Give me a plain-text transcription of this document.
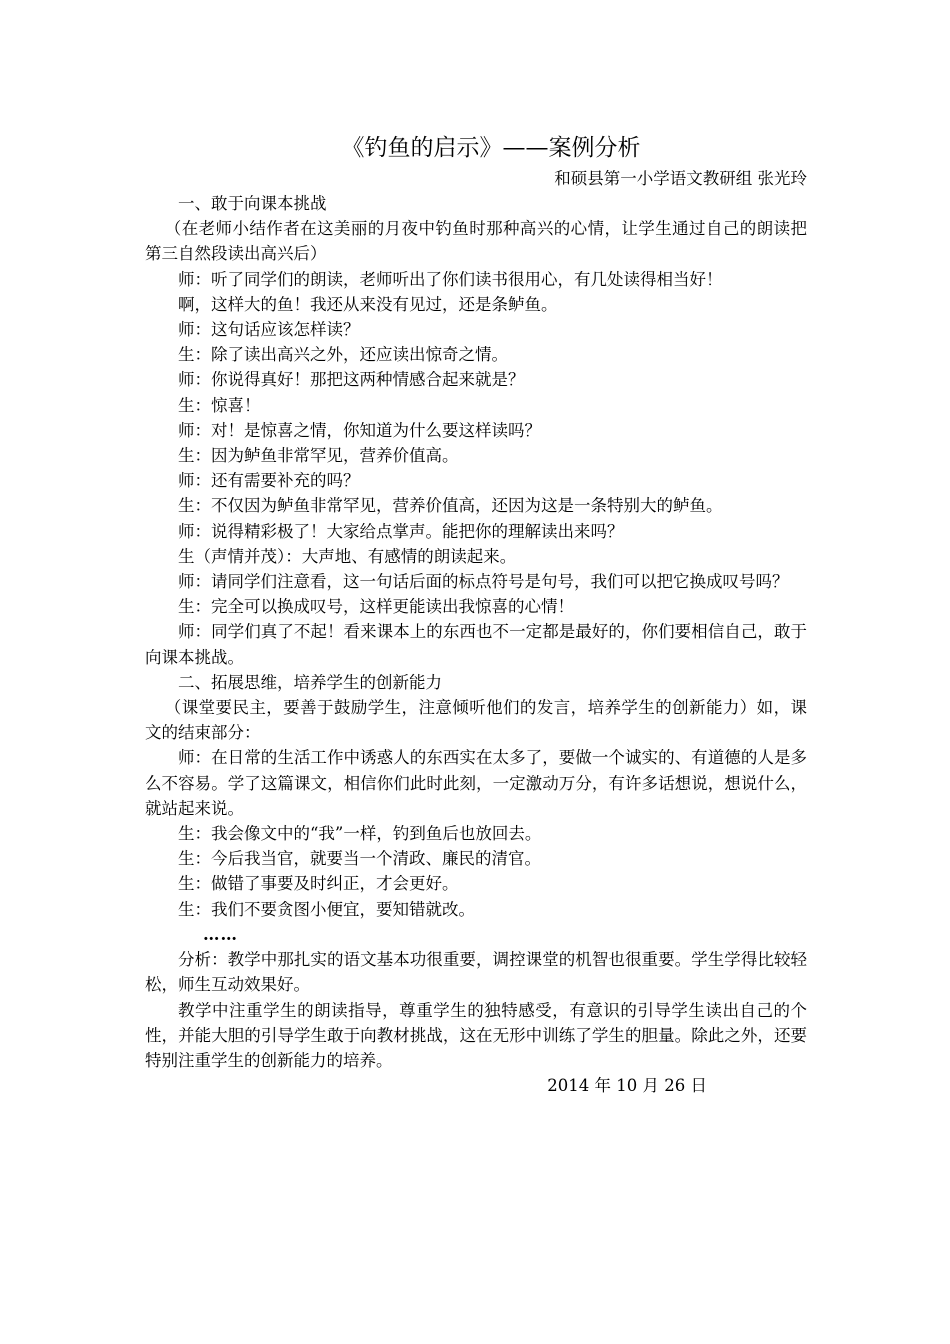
《钓鱼的启示》——案例分析

和硕县第一小学语文教研组 张光玲

一、敢于向课本挑战

（在老师小结作者在这美丽的月夜中钓鱼时那种高兴的心情，让学生通过自己的朗读把第三自然段读出高兴后）

师：听了同学们的朗读，老师听出了你们读书很用心，有几处读得相当好！

啊，这样大的鱼！我还从来没有见过，还是条鲈鱼。

师：这句话应该怎样读？

生：除了读出高兴之外，还应读出惊奇之情。

师：你说得真好！那把这两种情感合起来就是？

生：惊喜！

师：对！是惊喜之情，你知道为什么要这样读吗？

生：因为鲈鱼非常罕见，营养价值高。

师：还有需要补充的吗？

生：不仅因为鲈鱼非常罕见，营养价值高，还因为这是一条特别大的鲈鱼。

师：说得精彩极了！大家给点掌声。能把你的理解读出来吗？

生（声情并茂）：大声地、有感情的朗读起来。

师：请同学们注意看，这一句话后面的标点符号是句号，我们可以把它换成叹号吗？

生：完全可以换成叹号，这样更能读出我惊喜的心情！

师：同学们真了不起！看来课本上的东西也不一定都是最好的，你们要相信自己，敢于向课本挑战。

二、拓展思维，培养学生的创新能力

（课堂要民主，要善于鼓励学生，注意倾听他们的发言，培养学生的创新能力）如，课文的结束部分：

师：在日常的生活工作中诱惑人的东西实在太多了，要做一个诚实的、有道德的人是多么不容易。学了这篇课文，相信你们此时此刻，一定激动万分，有许多话想说，想说什么，就站起来说。

生：我会像文中的“我”一样，钓到鱼后也放回去。

生：今后我当官，就要当一个清政、廉民的清官。

生：做错了事要及时纠正，才会更好。

生：我们不要贪图小便宜，要知错就改。

……

分析：教学中那扎实的语文基本功很重要，调控课堂的机智也很重要。学生学得比较轻松，师生互动效果好。

教学中注重学生的朗读指导，尊重学生的独特感受，有意识的引导学生读出自己的个性，并能大胆的引导学生敢于向教材挑战，这在无形中训练了学生的胆量。除此之外，还要特别注重学生的创新能力的培养。

2014 年 10 月 26 日
